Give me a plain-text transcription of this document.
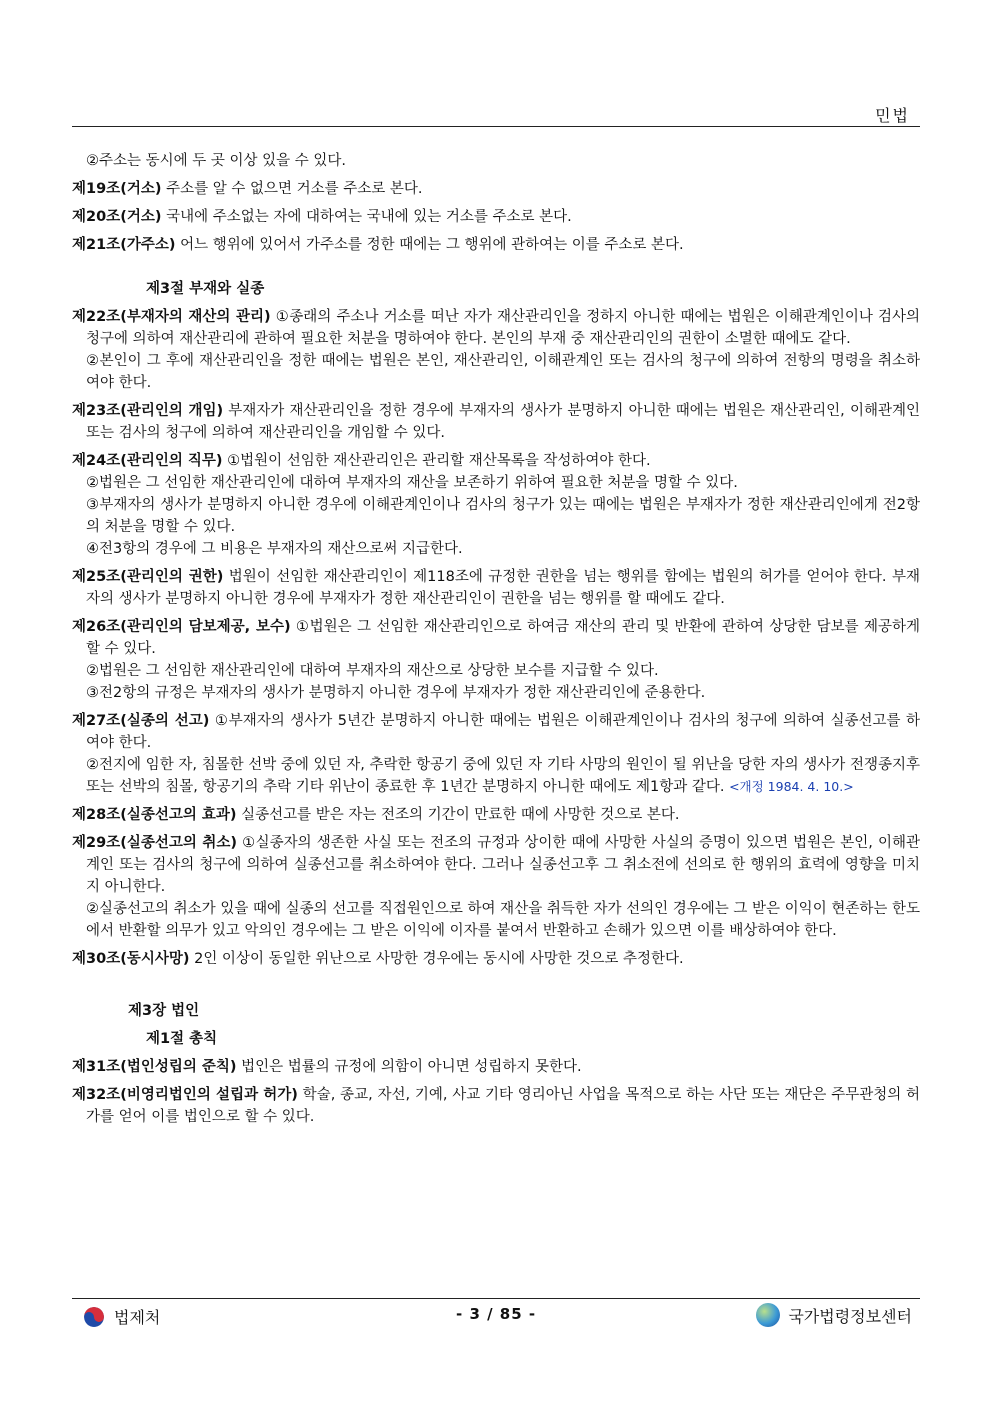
민법
②주소는 동시에 두 곳 이상 있을 수 있다.
제19조(거소) 주소를 알 수 없으면 거소를 주소로 본다.
제20조(거소) 국내에 주소없는 자에 대하여는 국내에 있는 거소를 주소로 본다.
제21조(가주소) 어느 행위에 있어서 가주소를 정한 때에는 그 행위에 관하여는 이를 주소로 본다.
제3절 부재와 실종
제22조(부재자의 재산의 관리) ①종래의 주소나 거소를 떠난 자가 재산관리인을 정하지 아니한 때에는 법원은 이해관계인이나 검사의 청구에 의하여 재산관리에 관하여 필요한 처분을 명하여야 한다. 본인의 부재 중 재산관리인의 권한이 소멸한 때에도 같다.
②본인이 그 후에 재산관리인을 정한 때에는 법원은 본인, 재산관리인, 이해관계인 또는 검사의 청구에 의하여 전항의 명령을 취소하여야 한다.
제23조(관리인의 개임) 부재자가 재산관리인을 정한 경우에 부재자의 생사가 분명하지 아니한 때에는 법원은 재산관리인, 이해관계인 또는 검사의 청구에 의하여 재산관리인을 개임할 수 있다.
제24조(관리인의 직무) ①법원이 선임한 재산관리인은 관리할 재산목록을 작성하여야 한다.
②법원은 그 선임한 재산관리인에 대하여 부재자의 재산을 보존하기 위하여 필요한 처분을 명할 수 있다.
③부재자의 생사가 분명하지 아니한 경우에 이해관계인이나 검사의 청구가 있는 때에는 법원은 부재자가 정한 재산관리인에게 전2항의 처분을 명할 수 있다.
④전3항의 경우에 그 비용은 부재자의 재산으로써 지급한다.
제25조(관리인의 권한) 법원이 선임한 재산관리인이 제118조에 규정한 권한을 넘는 행위를 함에는 법원의 허가를 얻어야 한다. 부재자의 생사가 분명하지 아니한 경우에 부재자가 정한 재산관리인이 권한을 넘는 행위를 할 때에도 같다.
제26조(관리인의 담보제공, 보수) ①법원은 그 선임한 재산관리인으로 하여금 재산의 관리 및 반환에 관하여 상당한 담보를 제공하게 할 수 있다.
②법원은 그 선임한 재산관리인에 대하여 부재자의 재산으로 상당한 보수를 지급할 수 있다.
③전2항의 규정은 부재자의 생사가 분명하지 아니한 경우에 부재자가 정한 재산관리인에 준용한다.
제27조(실종의 선고) ①부재자의 생사가 5년간 분명하지 아니한 때에는 법원은 이해관계인이나 검사의 청구에 의하여 실종선고를 하여야 한다.
②전지에 임한 자, 침몰한 선박 중에 있던 자, 추락한 항공기 중에 있던 자 기타 사망의 원인이 될 위난을 당한 자의 생사가 전쟁종지후 또는 선박의 침몰, 항공기의 추락 기타 위난이 종료한 후 1년간 분명하지 아니한 때에도 제1항과 같다. <개정 1984. 4. 10.>
제28조(실종선고의 효과) 실종선고를 받은 자는 전조의 기간이 만료한 때에 사망한 것으로 본다.
제29조(실종선고의 취소) ①실종자의 생존한 사실 또는 전조의 규정과 상이한 때에 사망한 사실의 증명이 있으면 법원은 본인, 이해관계인 또는 검사의 청구에 의하여 실종선고를 취소하여야 한다. 그러나 실종선고후 그 취소전에 선의로 한 행위의 효력에 영향을 미치지 아니한다.
②실종선고의 취소가 있을 때에 실종의 선고를 직접원인으로 하여 재산을 취득한 자가 선의인 경우에는 그 받은 이익이 현존하는 한도에서 반환할 의무가 있고 악의인 경우에는 그 받은 이익에 이자를 붙여서 반환하고 손해가 있으면 이를 배상하여야 한다.
제30조(동시사망) 2인 이상이 동일한 위난으로 사망한 경우에는 동시에 사망한 것으로 추정한다.
제3장 법인
제1절 총칙
제31조(법인성립의 준칙) 법인은 법률의 규정에 의함이 아니면 성립하지 못한다.
제32조(비영리법인의 설립과 허가) 학술, 종교, 자선, 기예, 사교 기타 영리아닌 사업을 목적으로 하는 사단 또는 재단은 주무관청의 허가를 얻어 이를 법인으로 할 수 있다.
법제처	- 3 / 85 -	국가법령정보센터
